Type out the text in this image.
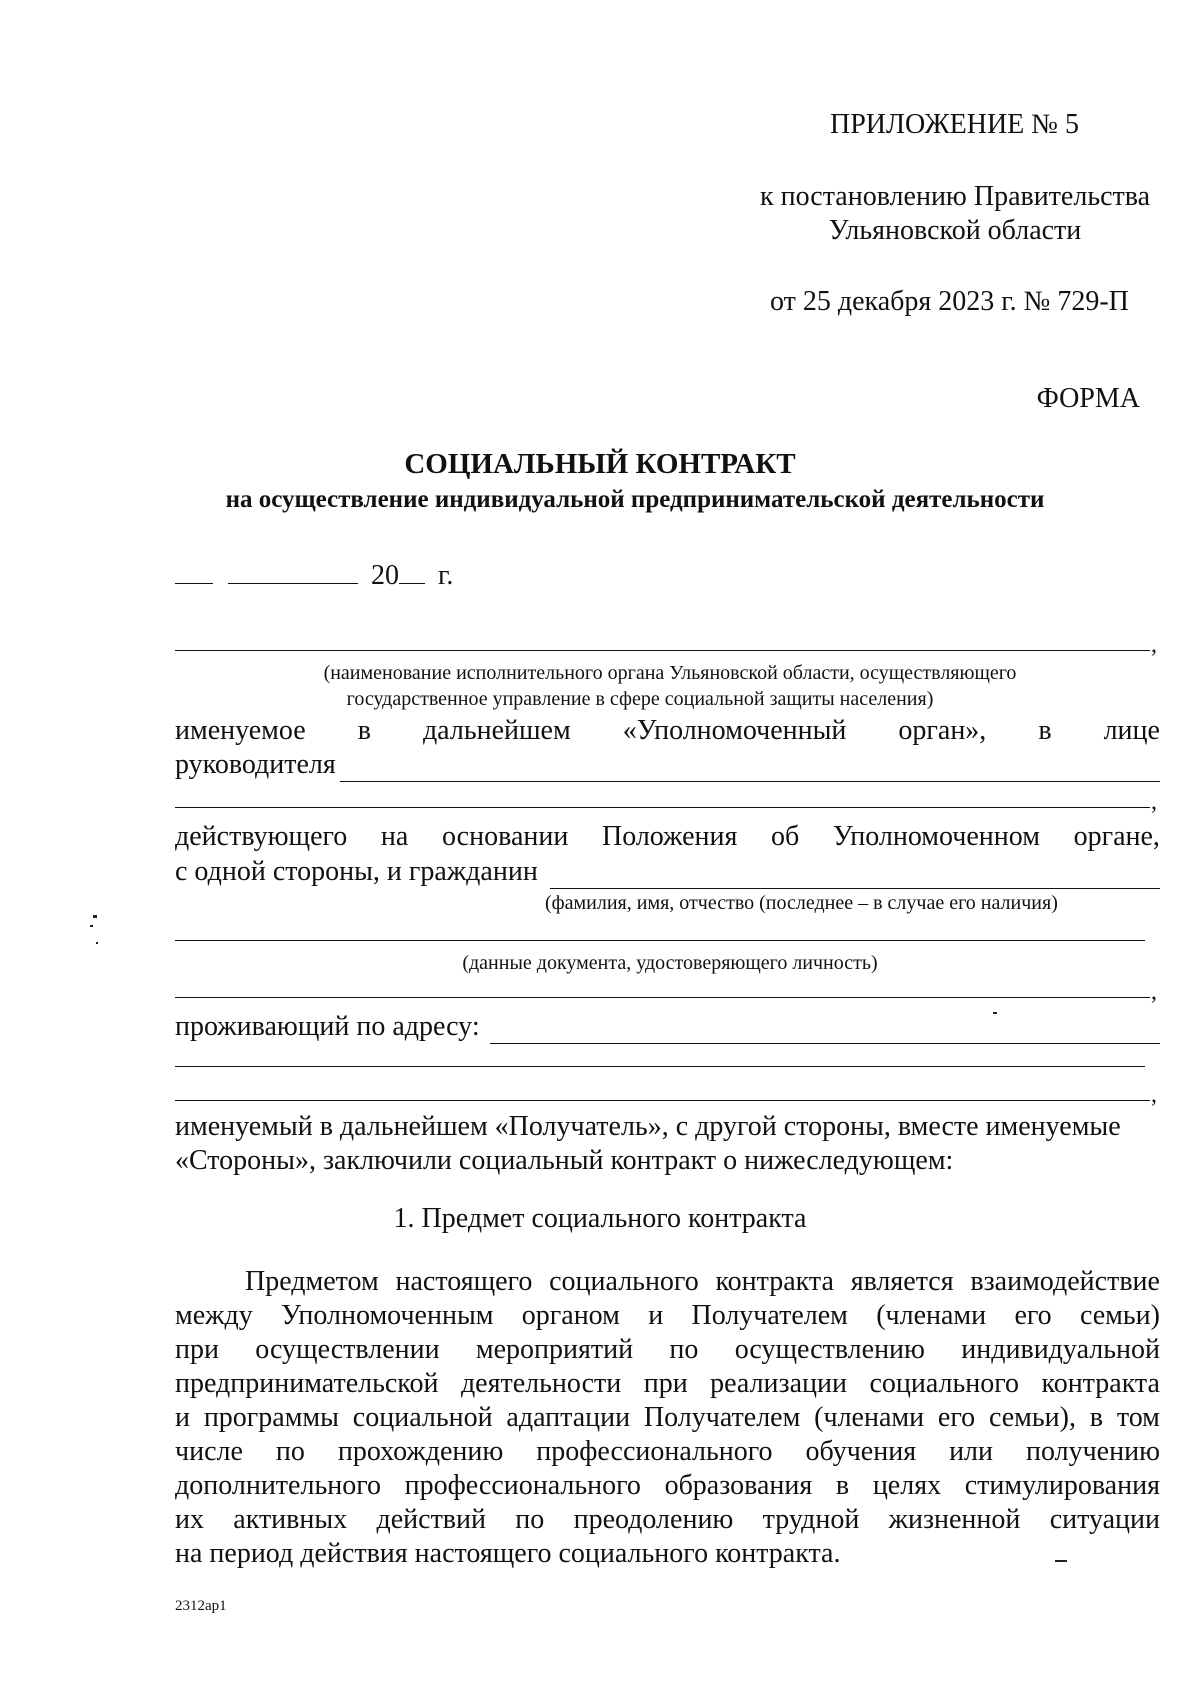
ПРИЛОЖЕНИЕ № 5
к постановлению Правительства
Ульяновской области
от 25 декабря 2023 г. № 729-П
ФОРМА
СОЦИАЛЬНЫЙ КОНТРАКТ
на осуществление индивидуальной предпринимательской деятельности
20 г.
,
(наименование исполнительного органа Ульяновской области, осуществляющего
государственное управление в сфере социальной защиты населения)
именуемое в дальнейшем «Уполномоченный орган», в лице
руководителя
,
действующего на основании Положения об Уполномоченном органе,
с одной стороны, и гражданин
(фамилия, имя, отчество (последнее – в случае его наличия)
(данные документа, удостоверяющего личность)
,
проживающий по адресу:
,
именуемый в дальнейшем «Получатель», с другой стороны, вместе именуемые
«Стороны», заключили социальный контракт о нижеследующем:
1. Предмет социального контракта
Предметом настоящего социального контракта является взаимодействие
между Уполномоченным органом и Получателем (членами его семьи)
при осуществлении мероприятий по осуществлению индивидуальной
предпринимательской деятельности при реализации социального контракта
и программы социальной адаптации Получателем (членами его семьи), в том
числе по прохождению профессионального обучения или получению
дополнительного профессионального образования в целях стимулирования
их активных действий по преодолению трудной жизненной ситуации
на период действия настоящего социального контракта.
2312ap1
